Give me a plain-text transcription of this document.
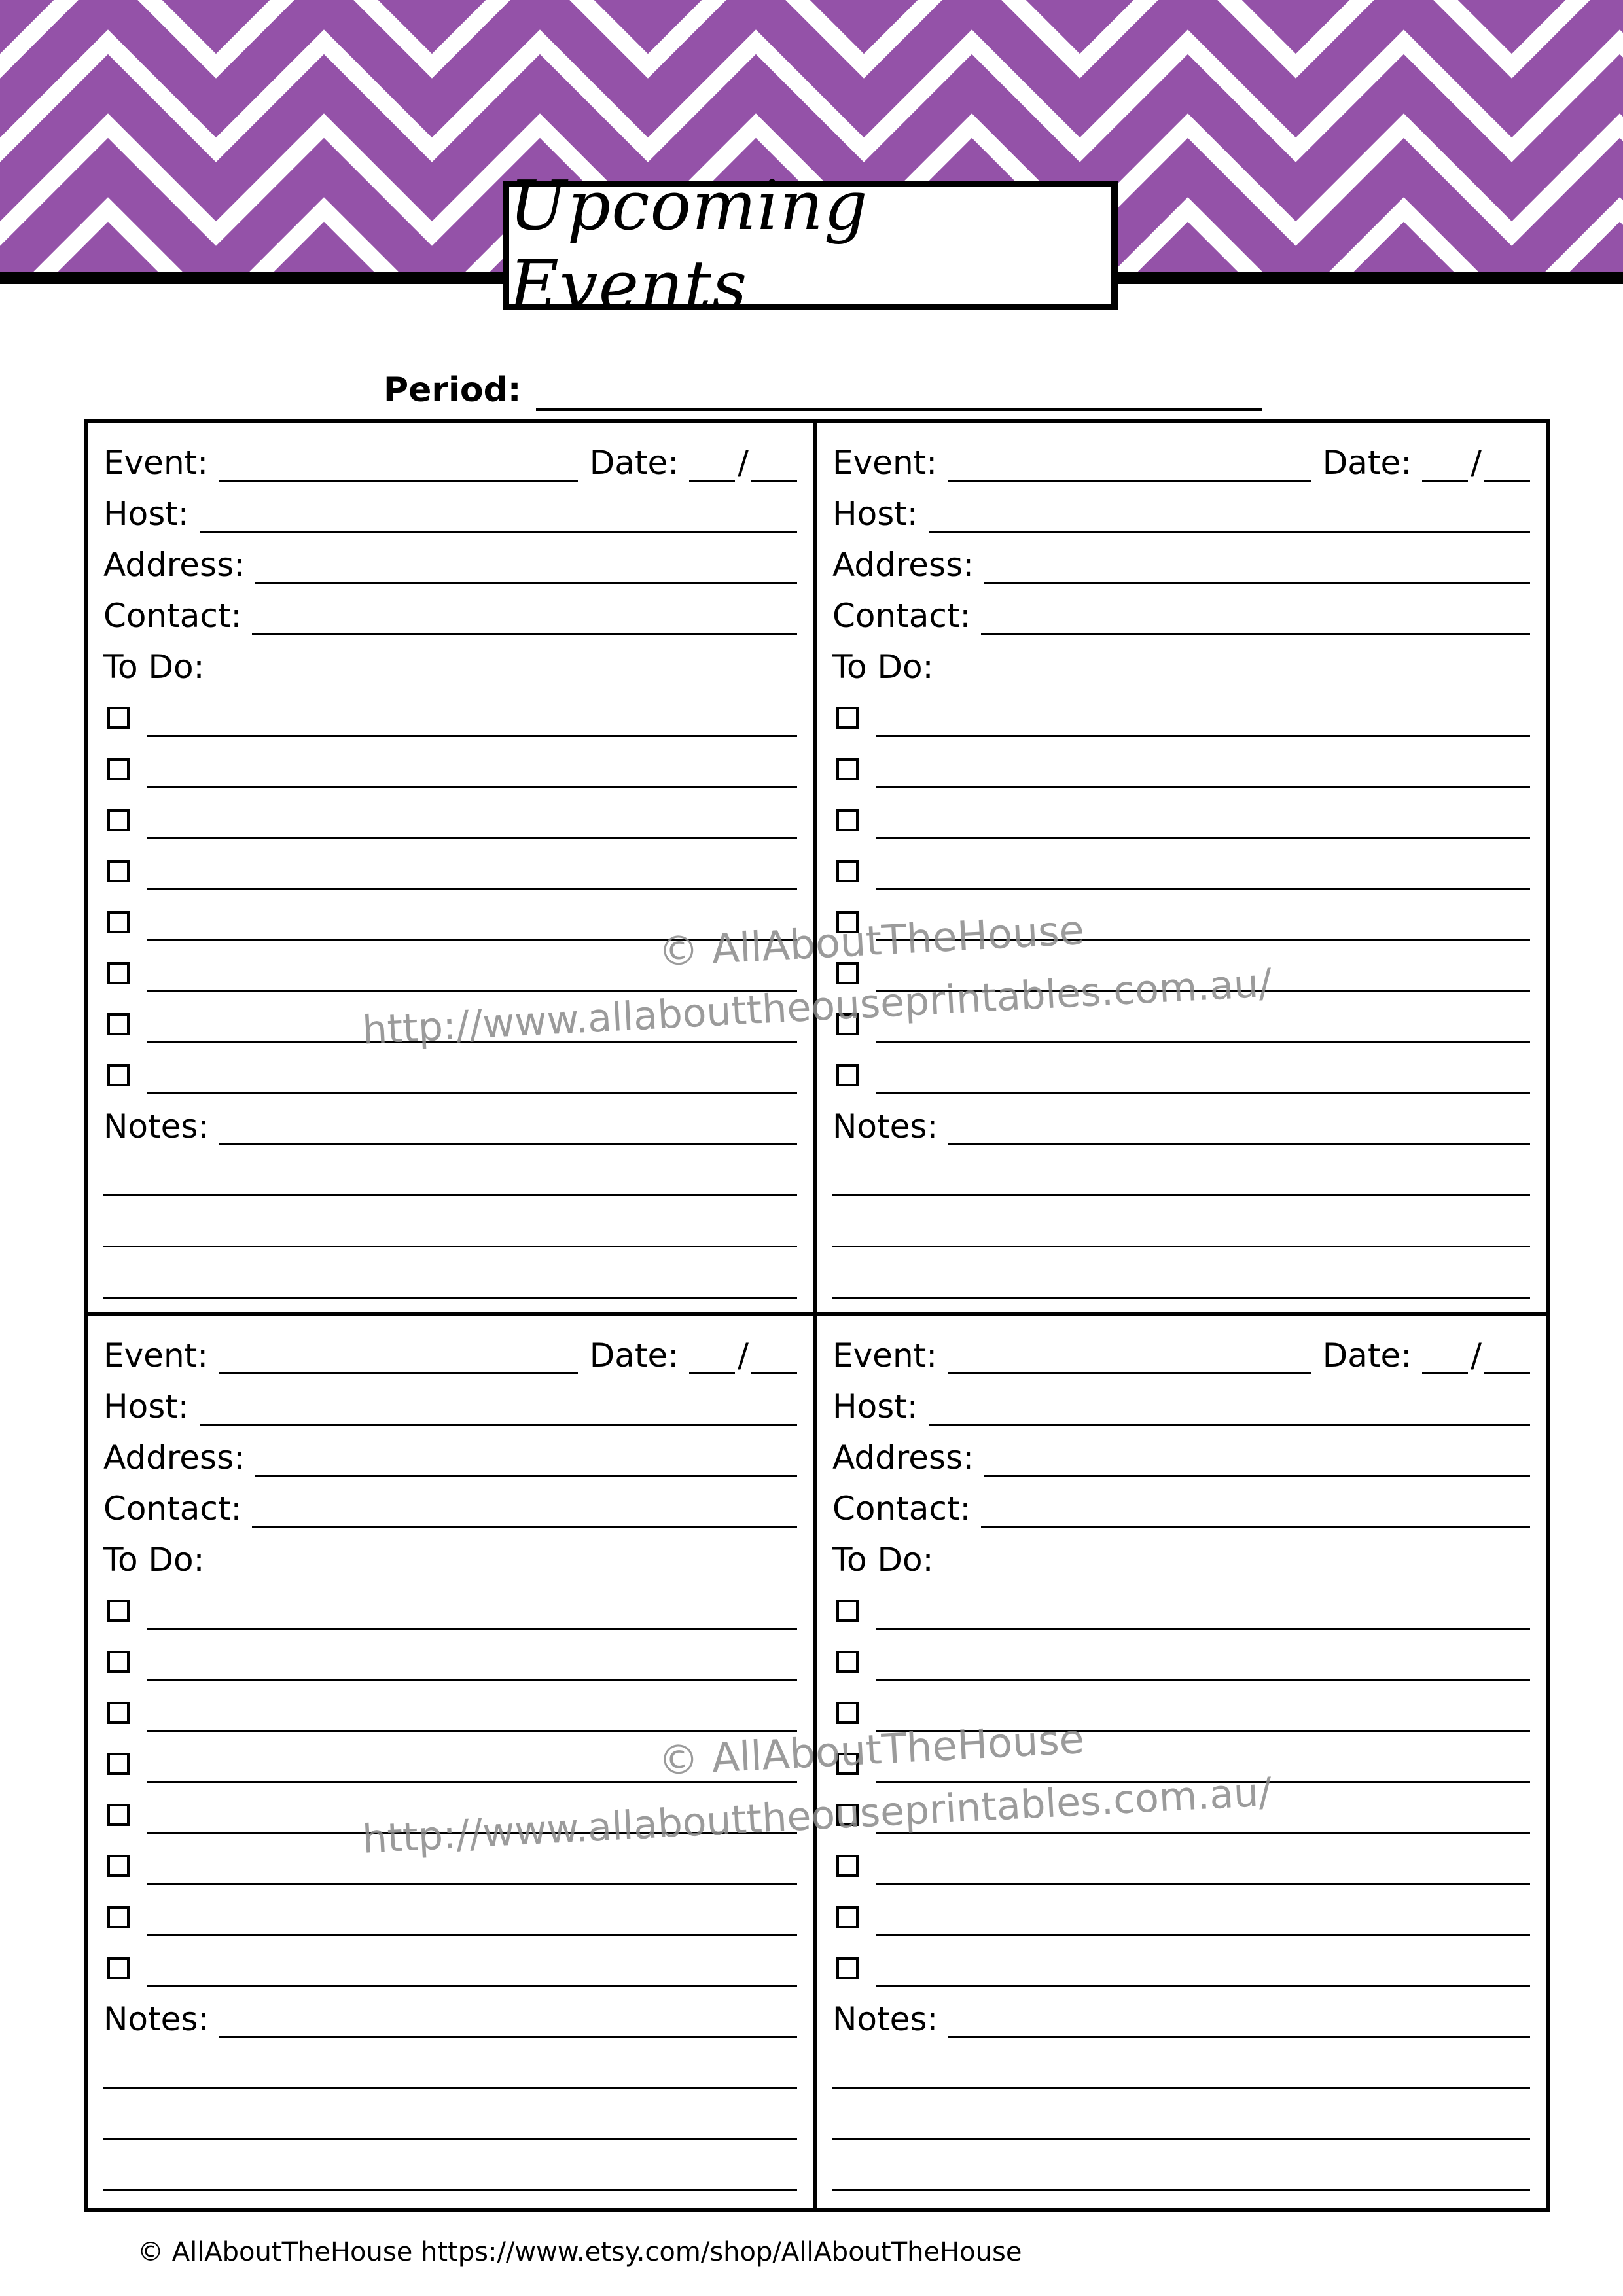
Upcoming Events
Period:
Event:	Date: /
Host:
Address:
Contact:
To Do:
Notes:
Event:	Date: /
Host:
Address:
Contact:
To Do:
Notes:
Event:	Date: /
Host:
Address:
Contact:
To Do:
Notes:
Event:	Date: /
Host:
Address:
Contact:
To Do:
Notes:
© AllAboutTheHouse
http://www.allabouttheouseprintables.com.au/
© AllAboutTheHouse
http://www.allabouttheouseprintables.com.au/
© AllAboutTheHouse https://www.etsy.com/shop/AllAboutTheHouse
